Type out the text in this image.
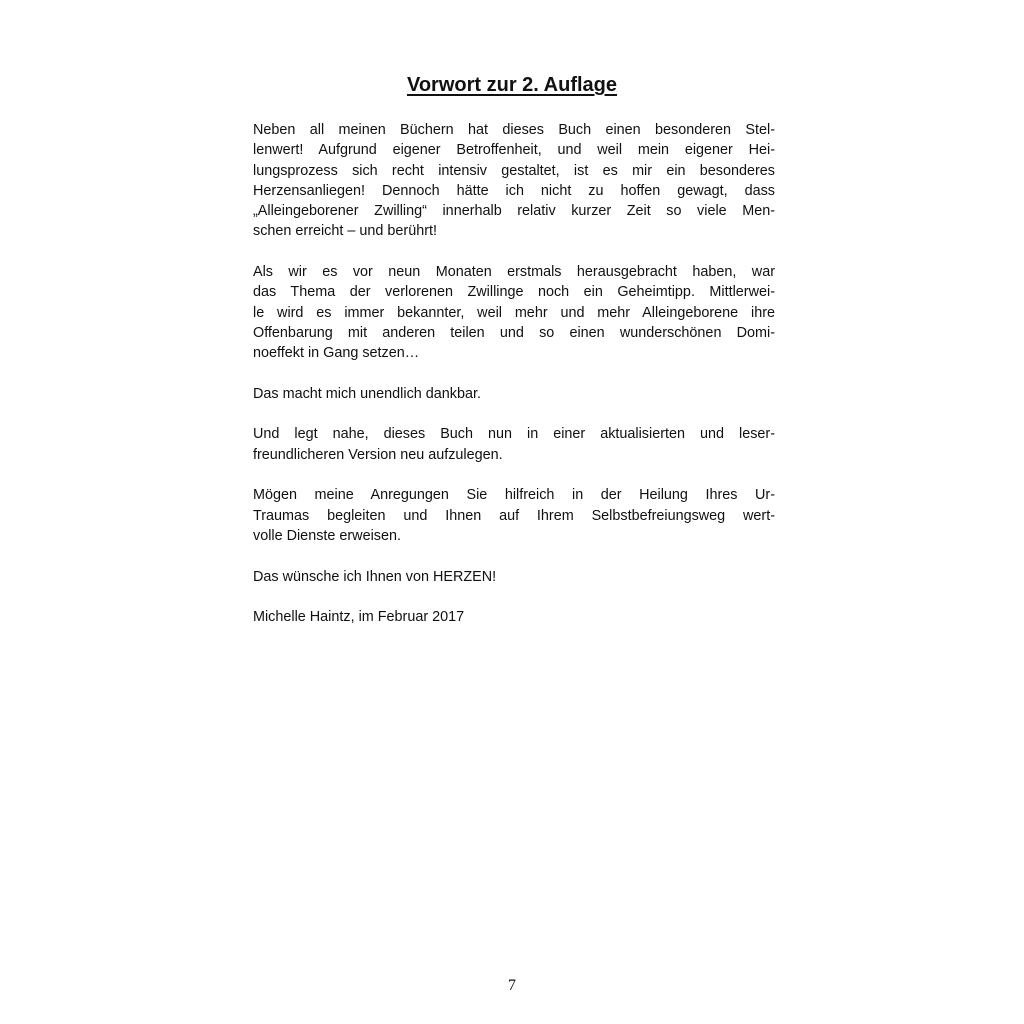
Vorwort zur 2. Auflage
Neben all meinen Büchern hat dieses Buch einen besonderen Stel-
lenwert! Aufgrund eigener Betroffenheit, und weil mein eigener Hei-
lungsprozess sich recht intensiv gestaltet, ist es mir ein besonderes
Herzensanliegen! Dennoch hätte ich nicht zu hoffen gewagt, dass
„Alleingeborener Zwilling“ innerhalb relativ kurzer Zeit so viele Men-
schen erreicht – und berührt!
Als wir es vor neun Monaten erstmals herausgebracht haben, war
das Thema der verlorenen Zwillinge noch ein Geheimtipp. Mittlerwei-
le wird es immer bekannter, weil mehr und mehr Alleingeborene ihre
Offenbarung mit anderen teilen und so einen wunderschönen Domi-
noeffekt in Gang setzen…
Das macht mich unendlich dankbar.
Und legt nahe, dieses Buch nun in einer aktualisierten und leser-
freundlicheren Version neu aufzulegen.
Mögen meine Anregungen Sie hilfreich in der Heilung Ihres Ur-
Traumas begleiten und Ihnen auf Ihrem Selbstbefreiungsweg wert-
volle Dienste erweisen.
Das wünsche ich Ihnen von HERZEN!
Michelle Haintz, im Februar 2017
7
